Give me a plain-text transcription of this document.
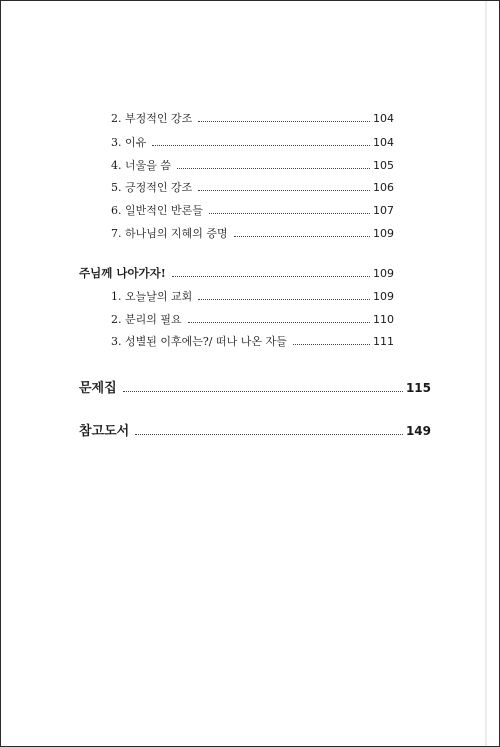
2. 부정적인 강조	104
3. 이유	104
4. 너울을 씀	105
5. 긍정적인 강조	106
6. 일반적인 반론들	107
7. 하나님의 지혜의 증명	109
주님께 나아가자!	109
1. 오늘날의 교회	109
2. 분리의 필요	110
3. 성별된 이후에는?/ 떠나 나온 자들	111
문제집	115
참고도서	149
